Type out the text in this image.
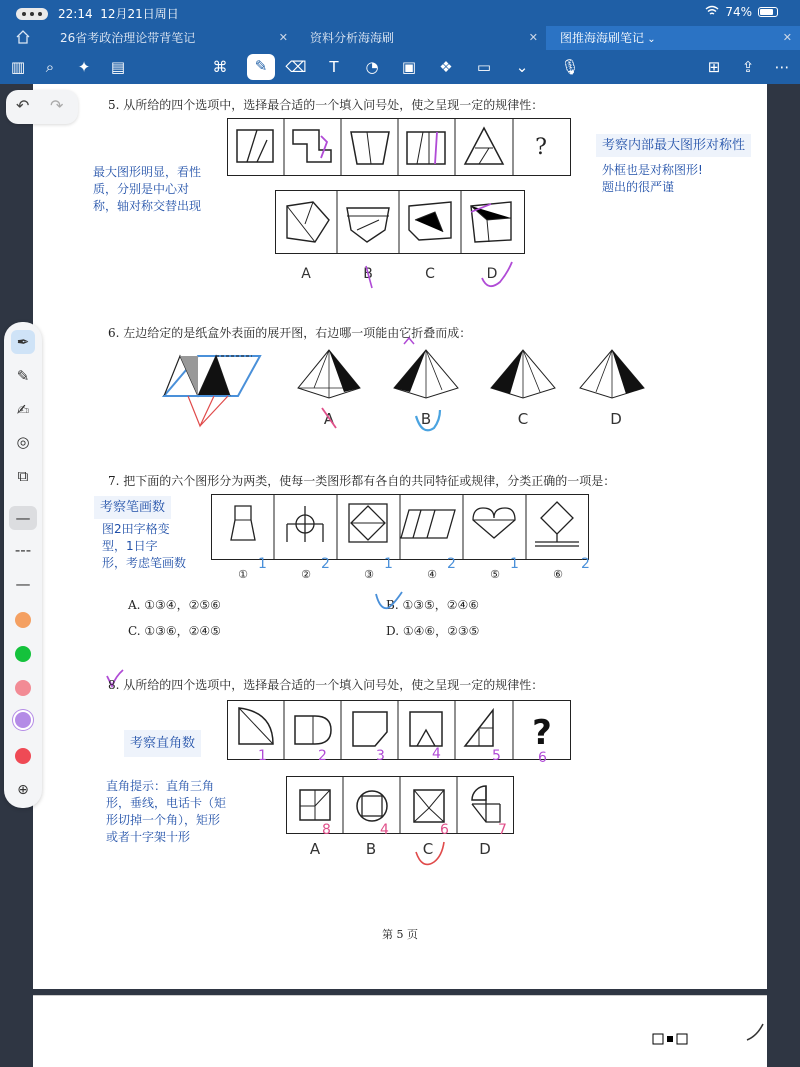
22:14 12月21日周日	74%
26省考政治理论带背笔记	✕	资料分析海海刷	✕	图推海海刷笔记 ⌄	✕
▥	⌕	✦	▤	⌘	✎	⌫	T	◔	▣	❖	▭	⌄	🎙	⊞	⇪	⋯
↶ ↷
✒
✎
✍
◎
⧉
—
---
—
⊕
5. 从所给的四个选项中，选择最合适的一个填入问号处，使之呈现一定的规律性：
?
A	B	C	D
最大图形明显，看性
质，分别是中心对
称，轴对称交替出现
考察内部最大图形对称性
外框也是对称图形!
题出的很严谨
6. 左边给定的是纸盒外表面的展开图，右边哪一项能由它折叠而成：
A	B	C	D
7. 把下面的六个图形分为两类，使每一类图形都有各自的共同特征或规律，分类正确的一项是：
考察笔画数
图2田字格变
型，1日字
形，考虑笔画数
①	②	③	④	⑤	⑥
1	2	1	2	1	2
A. ①③④，②⑤⑥	B. ①③⑤，②④⑥
C. ①③⑥，②④⑤	D. ①④⑥，②③⑤
8. 从所给的四个选项中，选择最合适的一个填入问号处，使之呈现一定的规律性：
考察直角数
直角提示：直角三角
形，垂线，电话卡（矩
形切掉一个角），矩形
或者十字架十形
?
1	2	3	4	5	6
8	4	6	7
A	B	C	D
第 5 页
